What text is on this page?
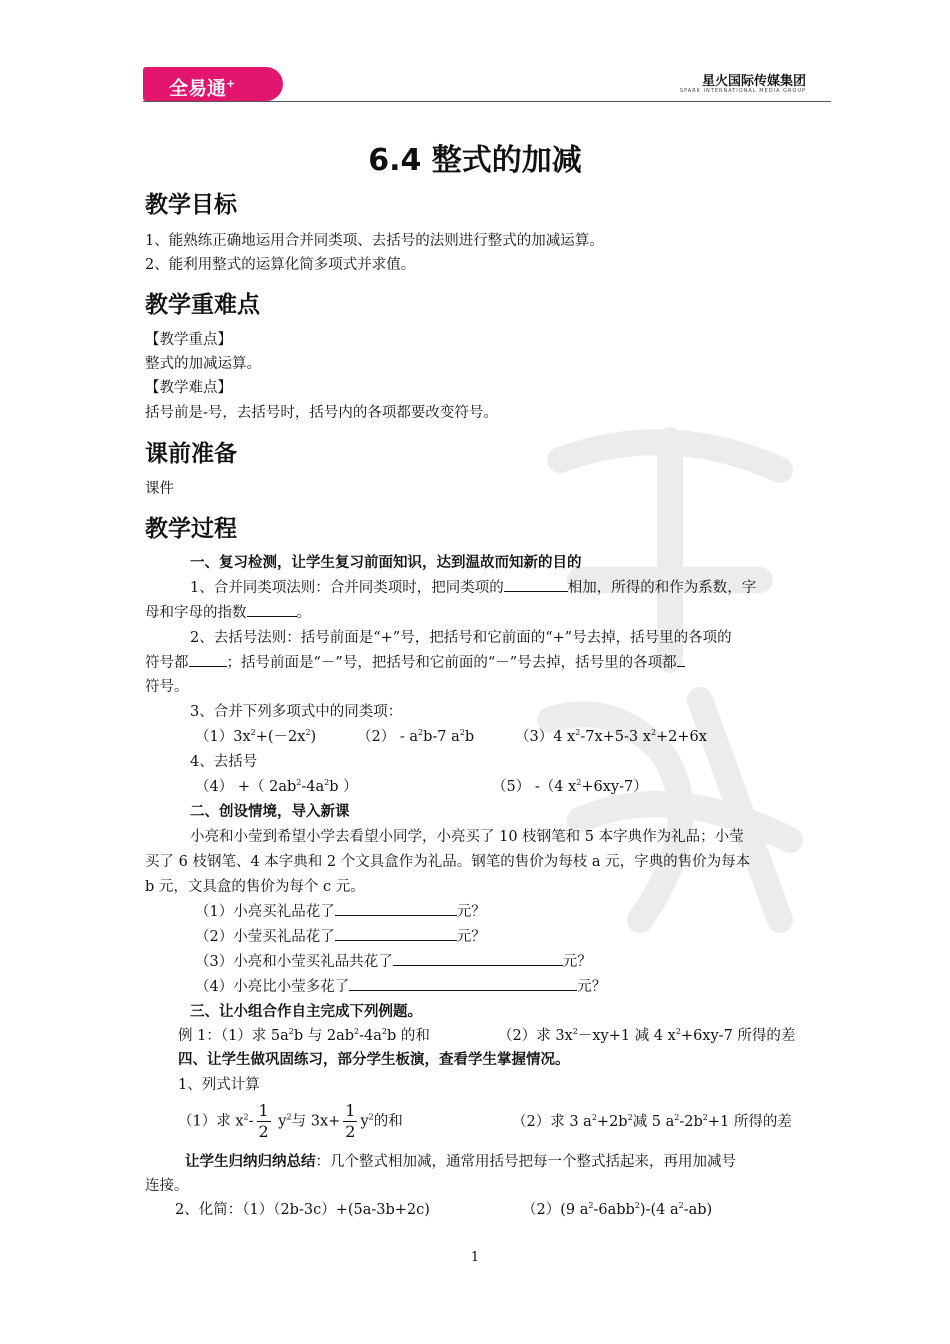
全易通+	星火国际传媒集团
SPARK INTERNATIONAL MEDIA GROUP
6.4 整式的加减
教学目标
1、能熟练正确地运用合并同类项、去括号的法则进行整式的加减运算。
2、能利用整式的运算化简多项式并求值。
教学重难点
【教学重点】
整式的加减运算。
【教学难点】
括号前是-号，去括号时，括号内的各项都要改变符号。
课前准备
课件
教学过程
一、复习检测，让学生复习前面知识，达到温故而知新的目的
1、合并同类项法则：合并同类项时，把同类项的	相加，所得的和作为系数，字
母和字母的指数	。
2、去括号法则：括号前面是“+”号，把括号和它前面的“+”号去掉，括号里的各项的
符号都	；括号前面是“－”号，把括号和它前面的“－”号去掉，括号里的各项都
符号。
3、合并下列多项式中的同类项：
$(1)3x^2+(-2x^2)$	$(2) - a^2b-7$ $a^2b$	（3）4 $x^2-7x+5-3$ $x^2+2+6x$
4、去括号
（4） +（ $2ab^2-4a^2b$ ）	（5） -（4 $x^2+6xy-7$）
二、创设情境，导入新课
小亮和小莹到希望小学去看望小同学，小亮买了 10 枝钢笔和 5 本字典作为礼品；小莹
买了 6 枝钢笔、4 本字典和 2 个文具盒作为礼品。钢笔的售价为每枝 a 元，字典的售价为每本
b 元，文具盒的售价为每个 c 元。
（1）小亮买礼品花了	元？
（2）小莹买礼品花了	元？
（3）小亮和小莹买礼品共花了	元？
（4）小亮比小莹多花了	元？
三、让小组合作自主完成下列例题。
例 1：（1）求 $5a^2b$ 与 $2ab^2-4a^2b$ 的和	（2）求 $3x^2-xy+1$ 减 4 $x^2+6xy-7$ 所得的差
四、让学生做巩固练习，部分学生板演，查看学生掌握情况。
1、列式计算
（1）求 $x^2- \frac{1}{2} y^2$与 $3x+ \frac{1}{2} y^2$的和	（2）求 3 $a^2+2b^2$减 5 $a^2-2b^2+1$ 所得的差
让学生归纳归纳总结：几个整式相加减，通常用括号把每一个整式括起来，再用加减号
连接。
2、化简：（1）（2b-3c）+(5a-3b+2c)	（2）(9 $a^2-6abb^2)-(4$ $a^2-ab$)
1
